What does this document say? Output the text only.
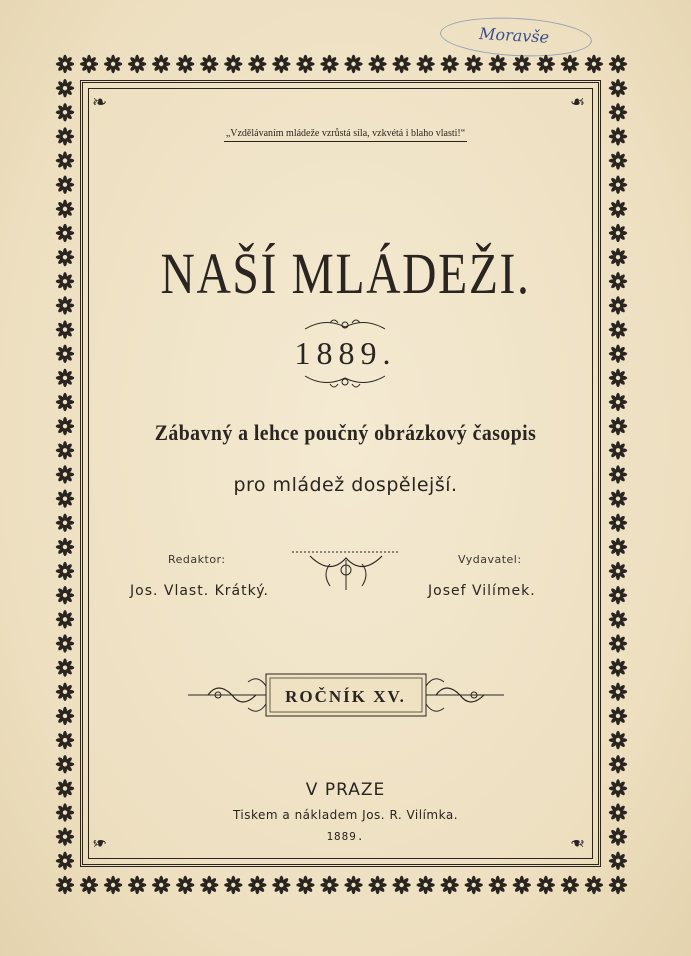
Moravše
❧	❧
❧	❧
„Vzdělávaním mládeže vzrůstá síla, vzkvétá i blaho vlasti!“
NAŠÍ MLÁDEŽI.
1889.
Zábavný a lehce poučný obrázkový časopis
pro mládež dospělejší.
Redaktor:
Jos. Vlast. Krátký.
Vydavatel:
Josef Vilímek.
ROČNÍK XV.
V PRAZE
Tiskem a nákladem Jos. R. Vilímka.
1889.
